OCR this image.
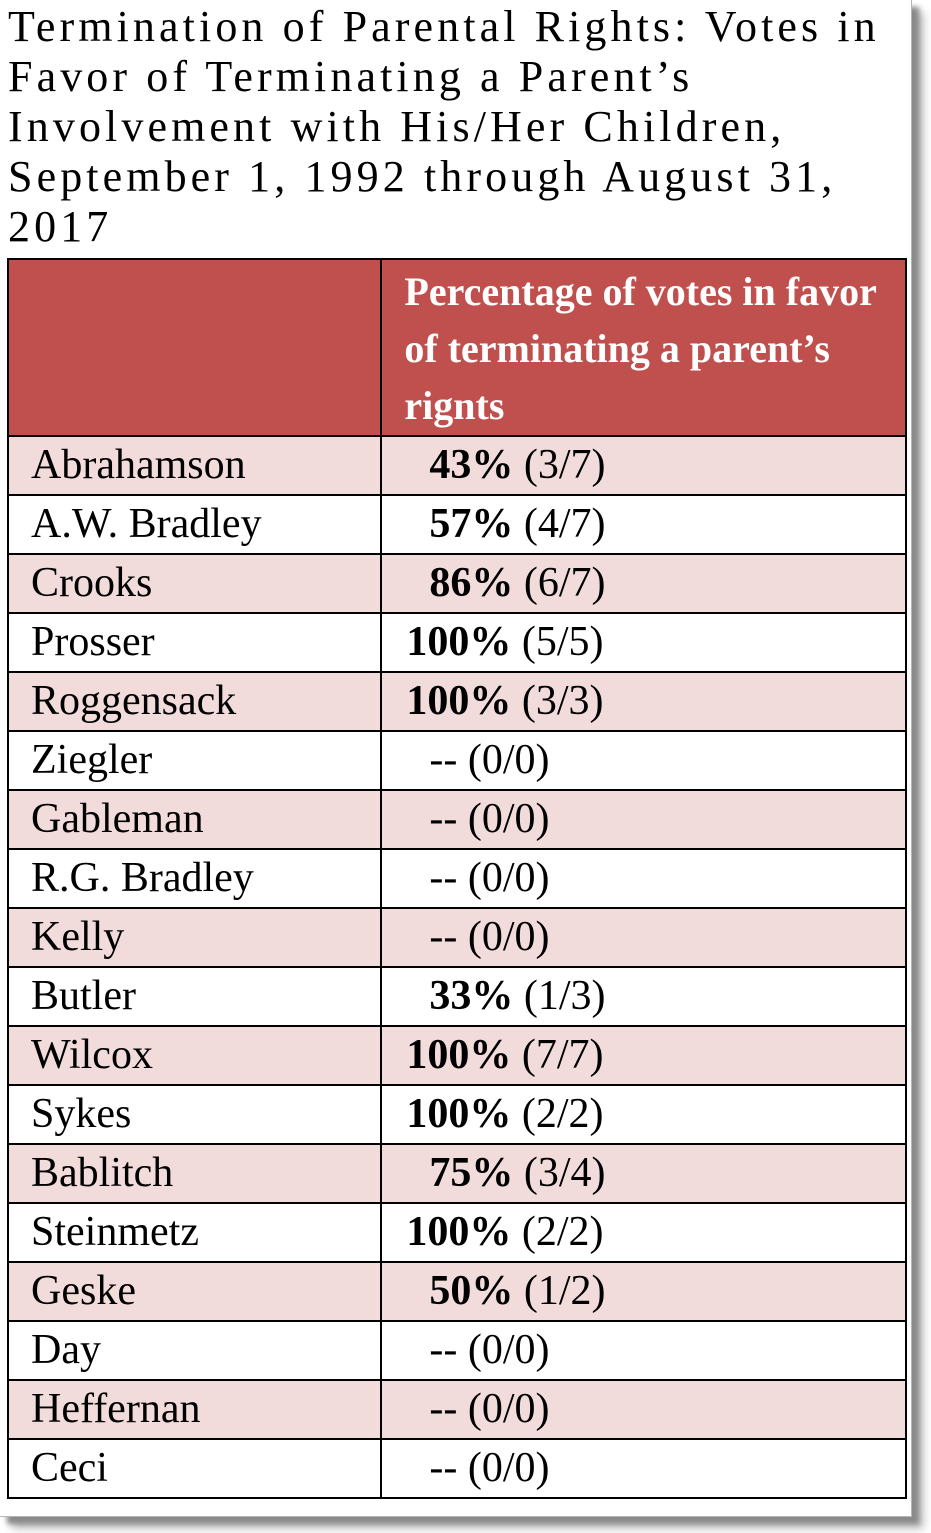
Termination of Parental Rights: Votes in Favor of Terminating a Parent’s Involvement with His/Her Children, September 1, 1992 through August 31, 2017
	Percentage of votes in favor of terminating a parent’s rignts
Abrahamson	43% (3/7)
A.W. Bradley	57% (4/7)
Crooks	86% (6/7)
Prosser	100% (5/5)
Roggensack	100% (3/3)
Ziegler	-- (0/0)
Gableman	-- (0/0)
R.G. Bradley	-- (0/0)
Kelly	-- (0/0)
Butler	33% (1/3)
Wilcox	100% (7/7)
Sykes	100% (2/2)
Bablitch	75% (3/4)
Steinmetz	100% (2/2)
Geske	50% (1/2)
Day	-- (0/0)
Heffernan	-- (0/0)
Ceci	-- (0/0)
